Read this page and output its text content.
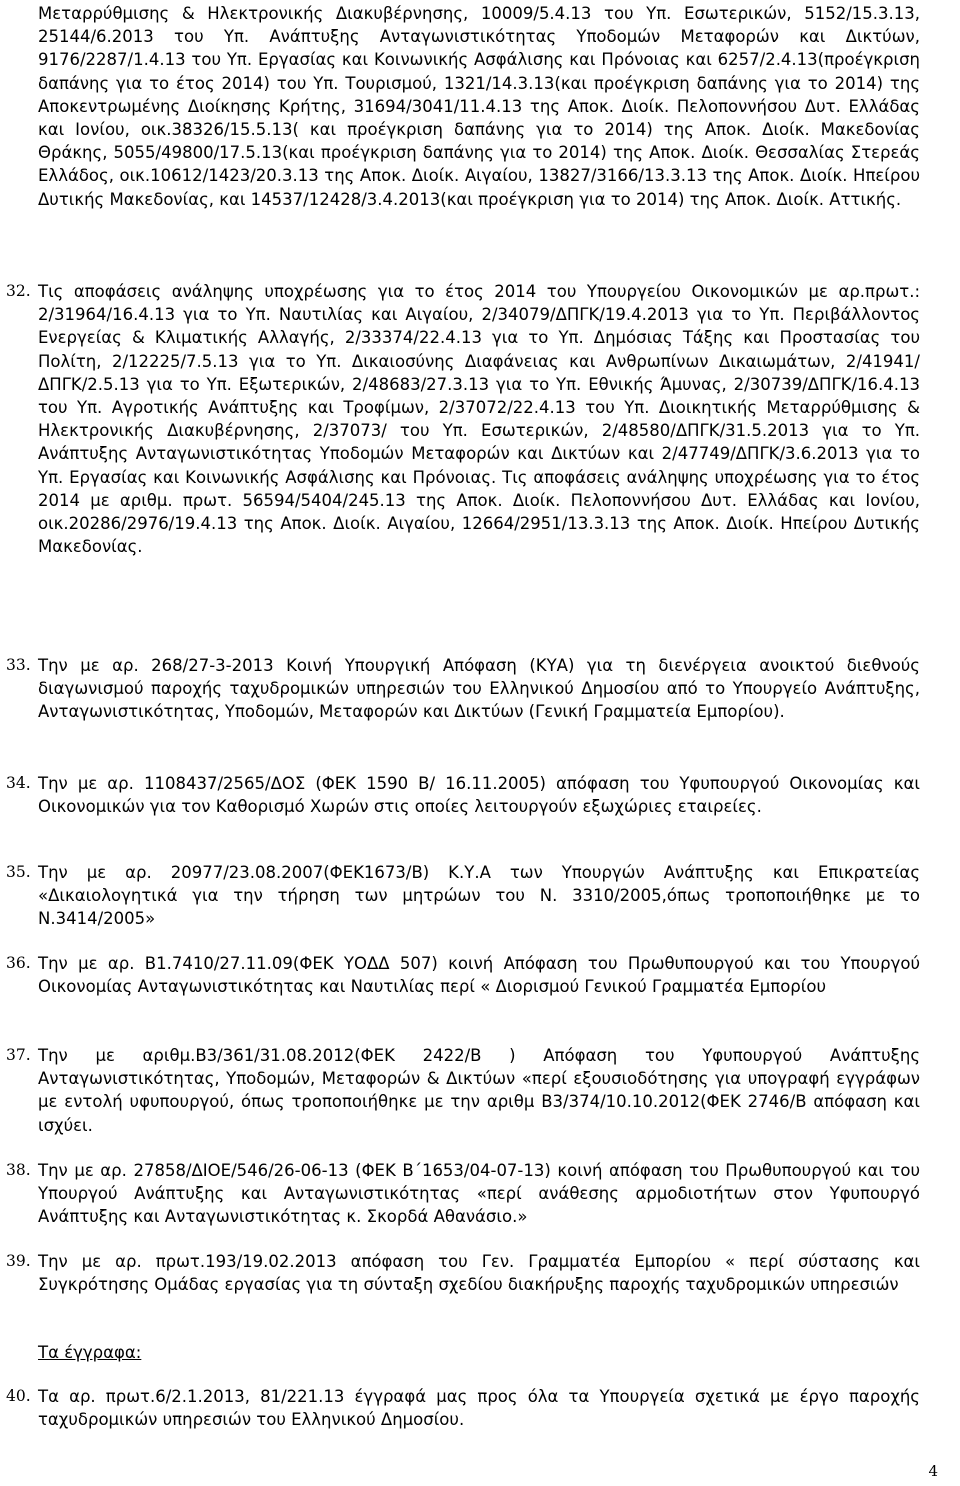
Μεταρρύθμισης & Ηλεκτρονικής Διακυβέρνησης, 10009/5.4.13 του Υπ. Εσωτερικών, 5152/15.3.13, 25144/6.2013 του Υπ. Ανάπτυξης Ανταγωνιστικότητας Υποδομών Μεταφορών και Δικτύων, 9176/2287/1.4.13 του Υπ. Εργασίας και Κοινωνικής Ασφάλισης και Πρόνοιας και 6257/2.4.13(προέγκριση δαπάνης για το έτος 2014) του Υπ. Τουρισμού, 1321/14.3.13(και προέγκριση δαπάνης για το 2014) της Αποκεντρωμένης Διοίκησης Κρήτης, 31694/3041/11.4.13 της Αποκ. Διοίκ. Πελοποννήσου Δυτ. Ελλάδας και Ιονίου, οικ.38326/15.5.13( και προέγκριση δαπάνης για το 2014) της Αποκ. Διοίκ. Μακεδονίας Θράκης, 5055/49800/17.5.13(και προέγκριση δαπάνης για το 2014) της Αποκ. Διοίκ. Θεσσαλίας Στερεάς Ελλάδος, οικ.10612/1423/20.3.13 της Αποκ. Διοίκ. Αιγαίου, 13827/3166/13.3.13 της Αποκ. Διοίκ. Ηπείρου Δυτικής Μακεδονίας, και 14537/12428/3.4.2013(και προέγκριση για το 2014) της Αποκ. Διοίκ. Αττικής.

32. Τις αποφάσεις ανάληψης υποχρέωσης για το έτος 2014 του Υπουργείου Οικονομικών με αρ.πρωτ.: 2/31964/16.4.13 για το Υπ. Ναυτιλίας και Αιγαίου, 2/34079/ΔΠΓΚ/19.4.2013 για το Υπ. Περιβάλλοντος Ενεργείας & Κλιματικής Αλλαγής, 2/33374/22.4.13 για το Υπ. Δημόσιας Τάξης και Προστασίας του Πολίτη, 2/12225/7.5.13 για το Υπ. Δικαιοσύνης Διαφάνειας και Ανθρωπίνων Δικαιωμάτων, 2/41941/ΔΠΓΚ/2.5.13 για το Υπ. Εξωτερικών, 2/48683/27.3.13 για το Υπ. Εθνικής Άμυνας, 2/30739/ΔΠΓΚ/16.4.13 του Υπ. Αγροτικής Ανάπτυξης και Τροφίμων, 2/37072/22.4.13 του Υπ. Διοικητικής Μεταρρύθμισης & Ηλεκτρονικής Διακυβέρνησης, 2/37073/ του Υπ. Εσωτερικών, 2/48580/ΔΠΓΚ/31.5.2013 για το Υπ. Ανάπτυξης Ανταγωνιστικότητας Υποδομών Μεταφορών και Δικτύων και 2/47749/ΔΠΓΚ/3.6.2013 για το Υπ. Εργασίας και Κοινωνικής Ασφάλισης και Πρόνοιας. Τις αποφάσεις ανάληψης υποχρέωσης για το έτος 2014 με αριθμ. πρωτ. 56594/5404/245.13 της Αποκ. Διοίκ. Πελοποννήσου Δυτ. Ελλάδας και Ιονίου, οικ.20286/2976/19.4.13 της Αποκ. Διοίκ. Αιγαίου, 12664/2951/13.3.13 της Αποκ. Διοίκ. Ηπείρου Δυτικής Μακεδονίας.

33. Την με αρ. 268/27-3-2013 Κοινή Υπουργική Απόφαση (ΚΥΑ) για τη διενέργεια ανοικτού διεθνούς διαγωνισμού παροχής ταχυδρομικών υπηρεσιών του Ελληνικού Δημοσίου από το Υπουργείο Ανάπτυξης, Ανταγωνιστικότητας, Υποδομών, Μεταφορών και Δικτύων (Γενική Γραμματεία Εμπορίου).

34. Την με αρ. 1108437/2565/ΔΟΣ (ΦΕΚ 1590 Β/ 16.11.2005) απόφαση του Υφυπουργού Οικονομίας και Οικονομικών για τον Καθορισμό Χωρών στις οποίες λειτουργούν εξωχώριες εταιρείες.

35. Την με αρ. 20977/23.08.2007(ΦΕΚ1673/Β) Κ.Υ.Α των Υπουργών Ανάπτυξης και Επικρατείας «Δικαιολογητικά για την τήρηση των μητρώων του Ν. 3310/2005,όπως τροποποιήθηκε με το Ν.3414/2005»

36. Την με αρ. Β1.7410/27.11.09(ΦΕΚ ΥΟΔΔ 507) κοινή Απόφαση του Πρωθυπουργού και του Υπουργού Οικονομίας Ανταγωνιστικότητας και Ναυτιλίας περί « Διορισμού Γενικού Γραμματέα Εμπορίου

37. Την με αριθμ.Β3/361/31.08.2012(ΦΕΚ 2422/Β ) Απόφαση του Υφυπουργού Ανάπτυξης Ανταγωνιστικότητας, Υποδομών, Μεταφορών & Δικτύων «περί εξουσιοδότησης για υπογραφή εγγράφων με εντολή υφυπουργού, όπως τροποποιήθηκε με την αριθμ Β3/374/10.10.2012(ΦΕΚ 2746/Β απόφαση και ισχύει.

38. Την με αρ. 27858/ΔΙΟΕ/546/26-06-13 (ΦΕΚ Β΄1653/04-07-13) κοινή απόφαση του Πρωθυπουργού και του Υπουργού Ανάπτυξης και Ανταγωνιστικότητας «περί ανάθεσης αρμοδιοτήτων στον Υφυπουργό Ανάπτυξης και Ανταγωνιστικότητας κ. Σκορδά Αθανάσιο.»

39. Την με αρ. πρωτ.193/19.02.2013 απόφαση του Γεν. Γραμματέα Εμπορίου « περί σύστασης και Συγκρότησης Ομάδας εργασίας για τη σύνταξη σχεδίου διακήρυξης παροχής ταχυδρομικών υπηρεσιών

Τα έγγραφα:
40. Τα αρ. πρωτ.6/2.1.2013, 81/221.13 έγγραφά μας προς όλα τα Υπουργεία σχετικά με έργο παροχής ταχυδρομικών υπηρεσιών του Ελληνικού Δημοσίου.

4
